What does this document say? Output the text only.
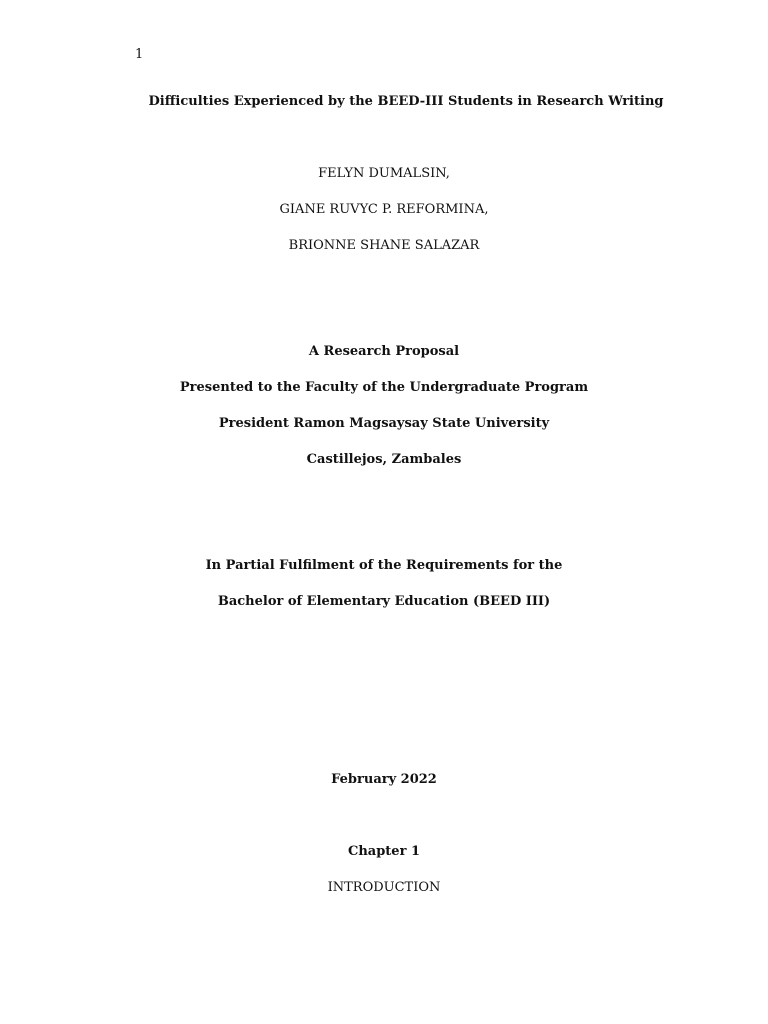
1
Difficulties Experienced by the BEED-III Students in Research Writing
FELYN DUMALSIN,
GIANE RUVYC P. REFORMINA,
BRIONNE SHANE SALAZAR
A Research Proposal
Presented to the Faculty of the Undergraduate Program
President Ramon Magsaysay State University
Castillejos, Zambales
In Partial Fulfilment of the Requirements for the
Bachelor of Elementary Education (BEED III)
February 2022
Chapter 1
INTRODUCTION
